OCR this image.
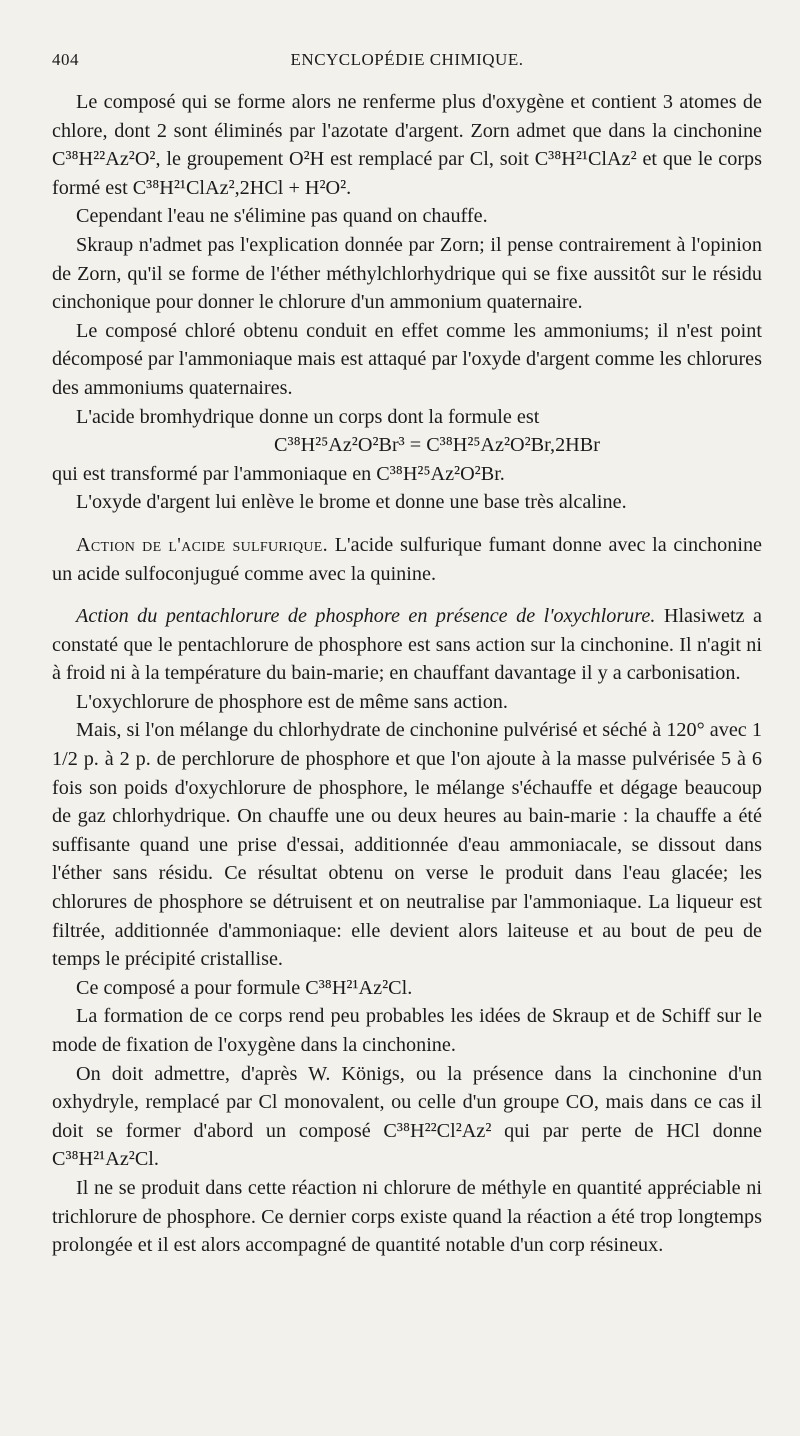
404	ENCYCLOPÉDIE CHIMIQUE.

Le composé qui se forme alors ne renferme plus d'oxygène et contient 3 atomes de chlore, dont 2 sont éliminés par l'azotate d'argent. Zorn admet que dans la cinchonine C³⁸H²²Az²O², le groupement O²H est remplacé par Cl, soit C³⁸H²¹ClAz² et que le corps formé est C³⁸H²¹ClAz²,2HCl + H²O².

Cependant l'eau ne s'élimine pas quand on chauffe.

Skraup n'admet pas l'explication donnée par Zorn; il pense contrairement à l'opinion de Zorn, qu'il se forme de l'éther méthylchlorhydrique qui se fixe aussitôt sur le résidu cinchonique pour donner le chlorure d'un ammonium quaternaire.

Le composé chloré obtenu conduit en effet comme les ammoniums; il n'est point décomposé par l'ammoniaque mais est attaqué par l'oxyde d'argent comme les chlorures des ammoniums quaternaires.

L'acide bromhydrique donne un corps dont la formule est

C³⁸H²⁵Az²O²Br³ = C³⁸H²⁵Az²O²Br,2HBr

qui est transformé par l'ammoniaque en C³⁸H²⁵Az²O²Br.

L'oxyde d'argent lui enlève le brome et donne une base très alcaline.

Action de l'acide sulfurique. L'acide sulfurique fumant donne avec la cinchonine un acide sulfoconjugué comme avec la quinine.

Action du pentachlorure de phosphore en présence de l'oxychlorure. Hlasiwetz a constaté que le pentachlorure de phosphore est sans action sur la cinchonine. Il n'agit ni à froid ni à la température du bain-marie; en chauffant davantage il y a carbonisation.

L'oxychlorure de phosphore est de même sans action.

Mais, si l'on mélange du chlorhydrate de cinchonine pulvérisé et séché à 120° avec 1 1/2 p. à 2 p. de perchlorure de phosphore et que l'on ajoute à la masse pulvérisée 5 à 6 fois son poids d'oxychlorure de phosphore, le mélange s'échauffe et dégage beaucoup de gaz chlorhydrique. On chauffe une ou deux heures au bain-marie : la chauffe a été suffisante quand une prise d'essai, additionnée d'eau ammoniacale, se dissout dans l'éther sans résidu. Ce résultat obtenu on verse le produit dans l'eau glacée; les chlorures de phosphore se détruisent et on neutralise par l'ammoniaque. La liqueur est filtrée, additionnée d'ammoniaque: elle devient alors laiteuse et au bout de peu de temps le précipité cristallise.

Ce composé a pour formule C³⁸H²¹Az²Cl.

La formation de ce corps rend peu probables les idées de Skraup et de Schiff sur le mode de fixation de l'oxygène dans la cinchonine.

On doit admettre, d'après W. Königs, ou la présence dans la cinchonine d'un oxhydryle, remplacé par Cl monovalent, ou celle d'un groupe CO, mais dans ce cas il doit se former d'abord un composé C³⁸H²²Cl²Az² qui par perte de HCl donne C³⁸H²¹Az²Cl.

Il ne se produit dans cette réaction ni chlorure de méthyle en quantité appréciable ni trichlorure de phosphore. Ce dernier corps existe quand la réaction a été trop longtemps prolongée et il est alors accompagné de quantité notable d'un corp résineux.
